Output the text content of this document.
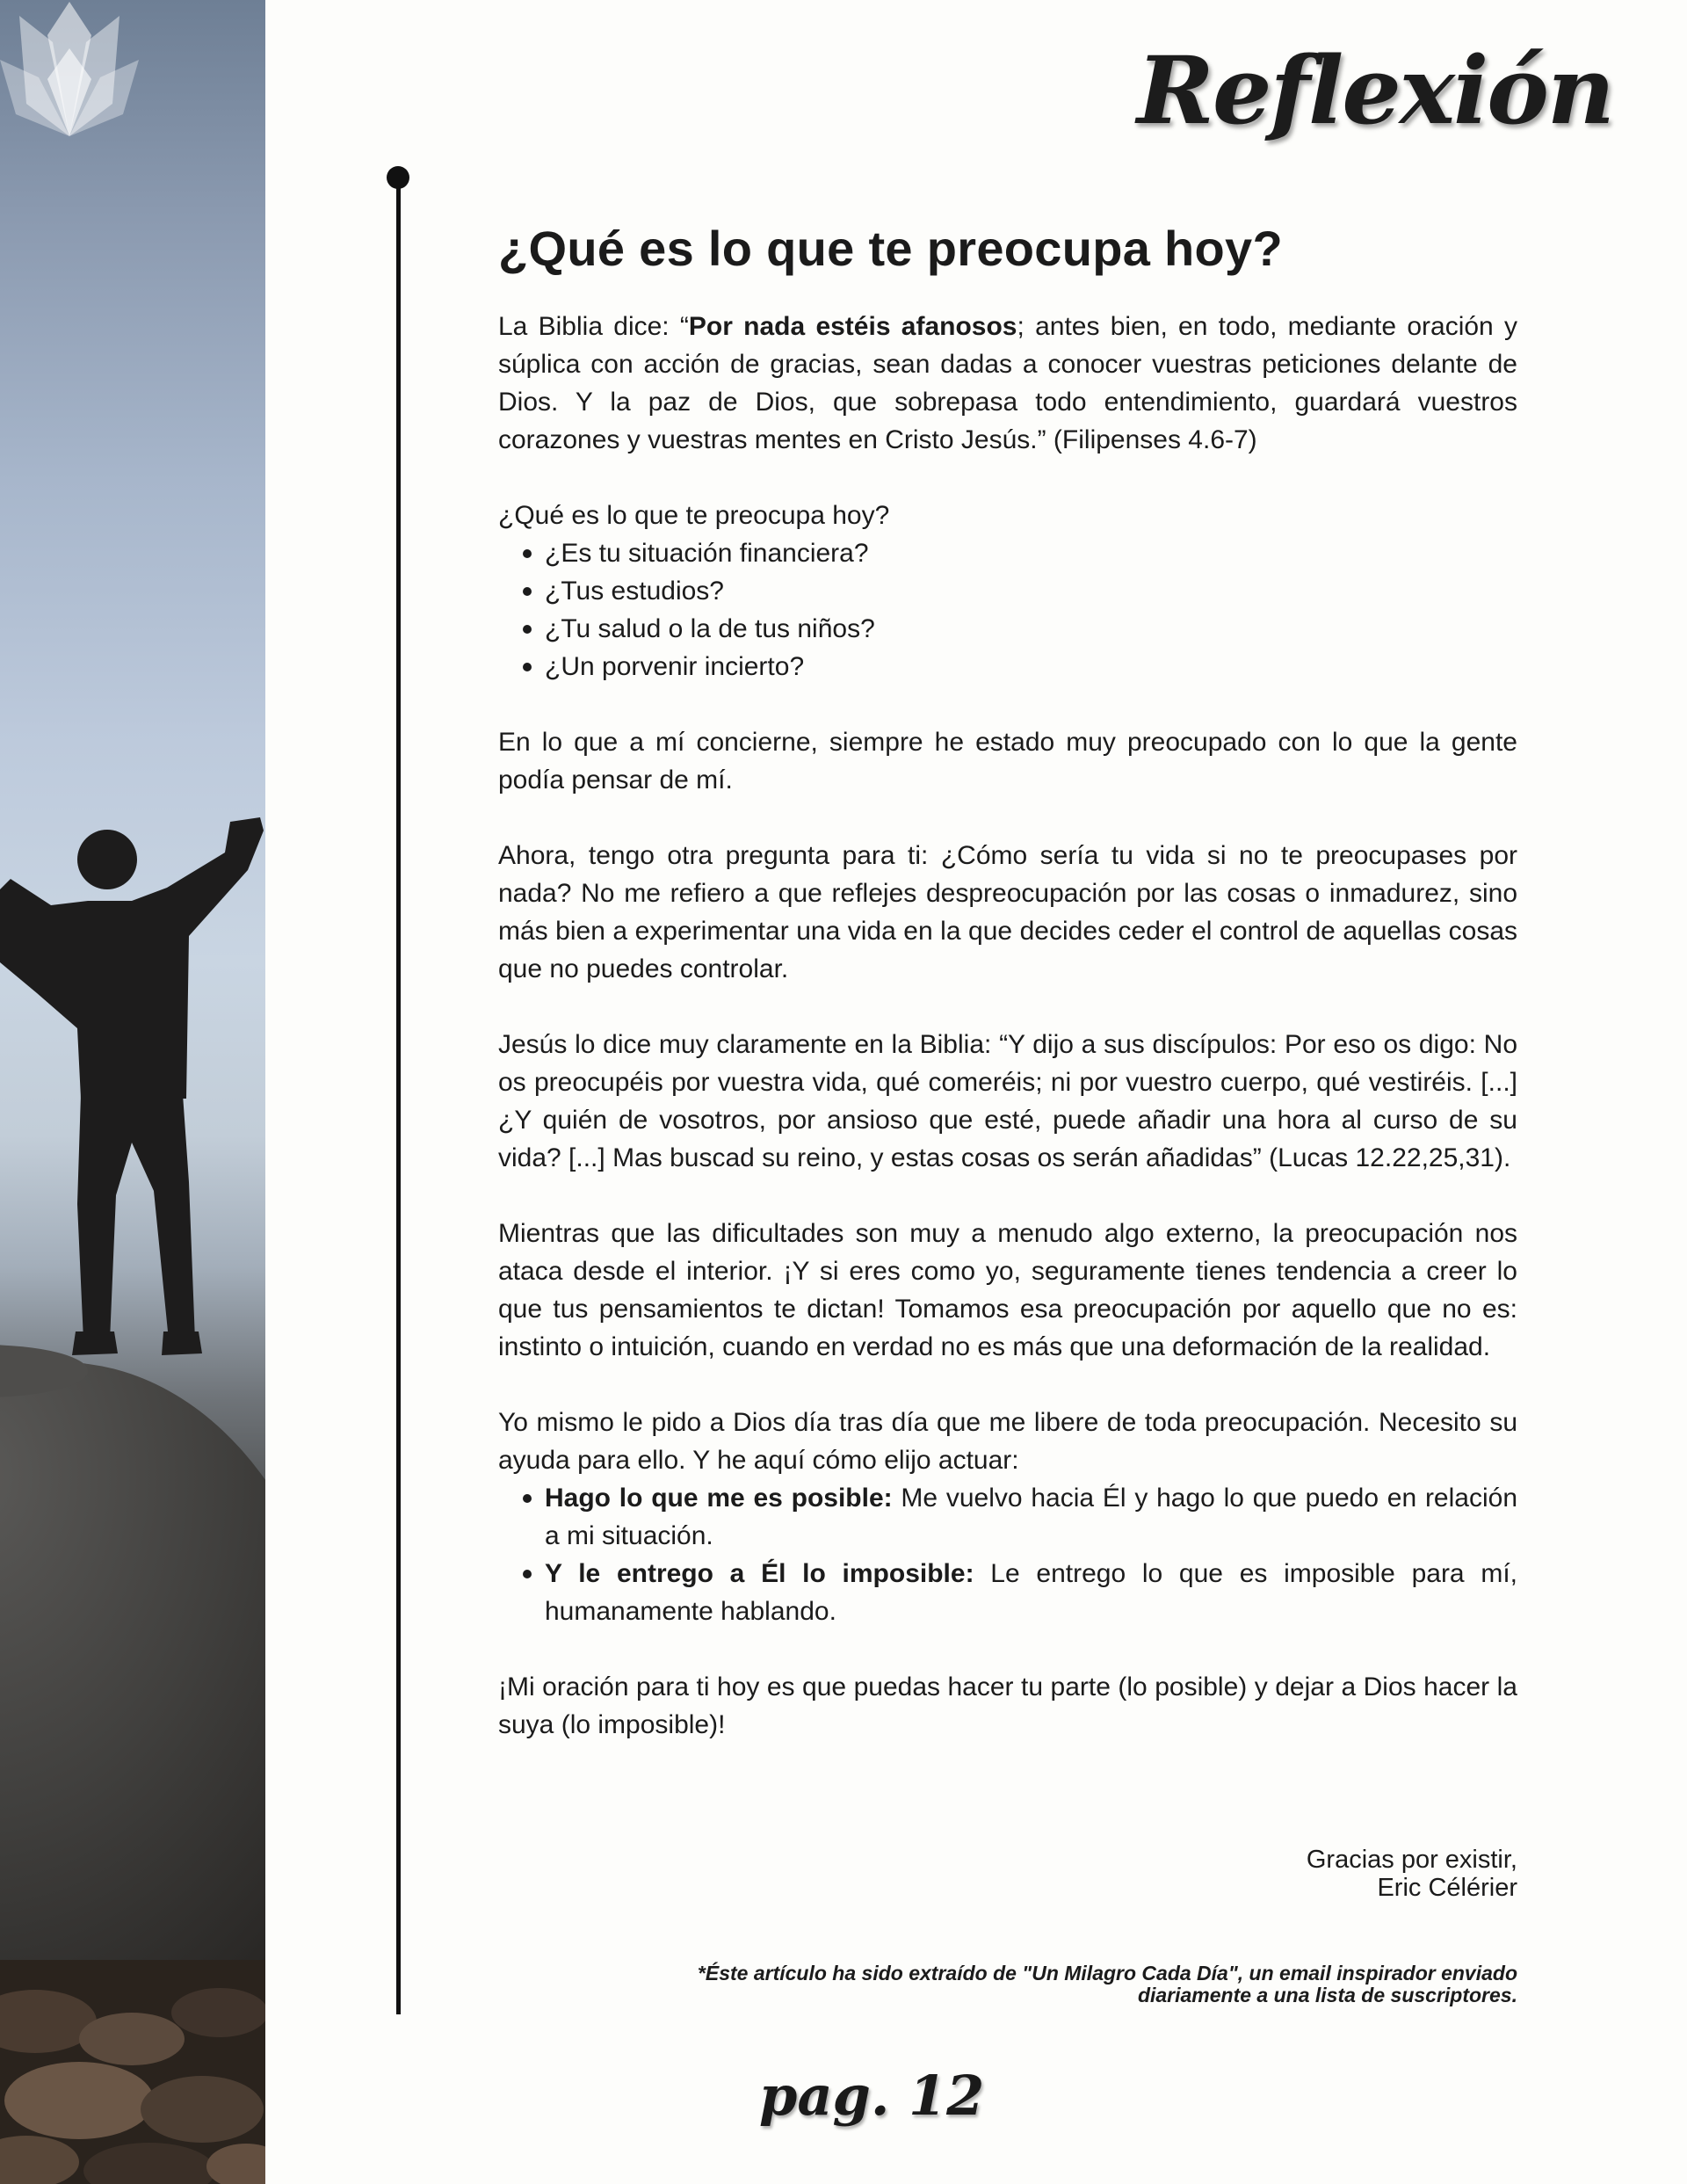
Reflexión
¿Qué es lo que te preocupa hoy?

La Biblia dice: “Por nada estéis afanosos; antes bien, en todo, mediante oración y súplica con acción de gracias, sean dadas a conocer vuestras peticiones delante de Dios. Y la paz de Dios, que sobrepasa todo entendimiento, guardará vuestros corazones y vuestras mentes en Cristo Jesús.” (Filipenses 4.6-7)

¿Qué es lo que te preocupa hoy?

¿Es tu situación financiera?
¿Tus estudios?
¿Tu salud o la de tus niños?
¿Un porvenir incierto?

En lo que a mí concierne, siempre he estado muy preocupado con lo que la gente podía pensar de mí.

Ahora, tengo otra pregunta para ti: ¿Cómo sería tu vida si no te preocupases por nada? No me refiero a que reflejes despreocupación por las cosas o inmadurez, sino más bien a experimentar una vida en la que decides ceder el control de aquellas cosas que no puedes controlar.

Jesús lo dice muy claramente en la Biblia: “Y dijo a sus discípulos: Por eso os digo: No os preocupéis por vuestra vida, qué comeréis; ni por vuestro cuerpo, qué vestiréis. [...] ¿Y quién de vosotros, por ansioso que esté, puede añadir una hora al curso de su vida? [...] Mas buscad su reino, y estas cosas os serán añadidas” (Lucas 12.22,25,31).

Mientras que las dificultades son muy a menudo algo externo, la preocupación nos ataca desde el interior. ¡Y si eres como yo, seguramente tienes tendencia a creer lo que tus pensamientos te dictan! Tomamos esa preocupación por aquello que no es: instinto o intuición, cuando en verdad no es más que una deformación de la realidad.

Yo mismo le pido a Dios día tras día que me libere de toda preocupación. Necesito su ayuda para ello. Y he aquí cómo elijo actuar:

Hago lo que me es posible: Me vuelvo hacia Él y hago lo que puedo en relación a mi situación.
Y le entrego a Él lo imposible: Le entrego lo que es imposible para mí, humanamente hablando.

¡Mi oración para ti hoy es que puedas hacer tu parte (lo posible) y dejar a Dios hacer la suya (lo imposible)!

Gracias por existir,
Eric Célérier
*Éste artículo ha sido extraído de "Un Milagro Cada Día", un email inspirador enviado
diariamente a una lista de suscriptores.
pag. 12
